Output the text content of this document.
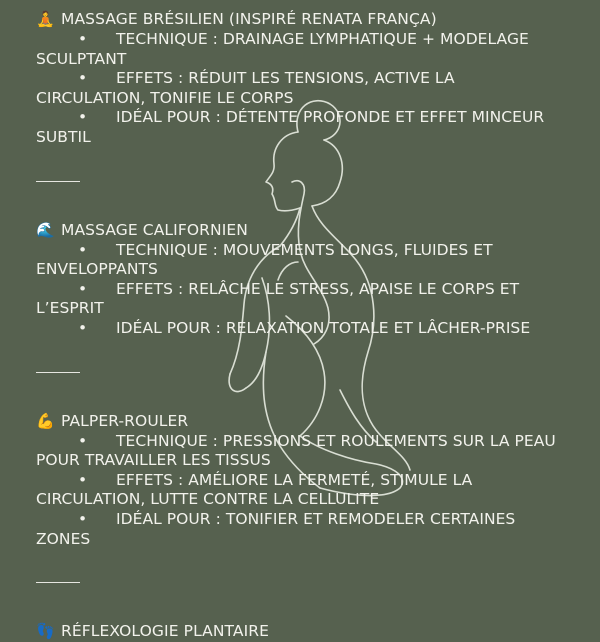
🧘 MASSAGE BRÉSILIEN (INSPIRÉ RENATA FRANÇA)
• TECHNIQUE : DRAINAGE LYMPHATIQUE + MODELAGE SCULPTANT
• EFFETS : RÉDUIT LES TENSIONS, ACTIVE LA CIRCULATION, TONIFIE LE CORPS
• IDÉAL POUR : DÉTENTE PROFONDE ET EFFET MINCEUR SUBTIL
🌊 MASSAGE CALIFORNIEN
• TECHNIQUE : MOUVEMENTS LONGS, FLUIDES ET ENVELOPPANTS
• EFFETS : RELÂCHE LE STRESS, APAISE LE CORPS ET L’ESPRIT
• IDÉAL POUR : RELAXATION TOTALE ET LÂCHER-PRISE
💪 PALPER-ROULER
• TECHNIQUE : PRESSIONS ET ROULEMENTS SUR LA PEAU POUR TRAVAILLER LES TISSUS
• EFFETS : AMÉLIORE LA FERMETÉ, STIMULE LA CIRCULATION, LUTTE CONTRE LA CELLULITE
• IDÉAL POUR : TONIFIER ET REMODELER CERTAINES ZONES
👣 RÉFLEXOLOGIE PLANTAIRE
